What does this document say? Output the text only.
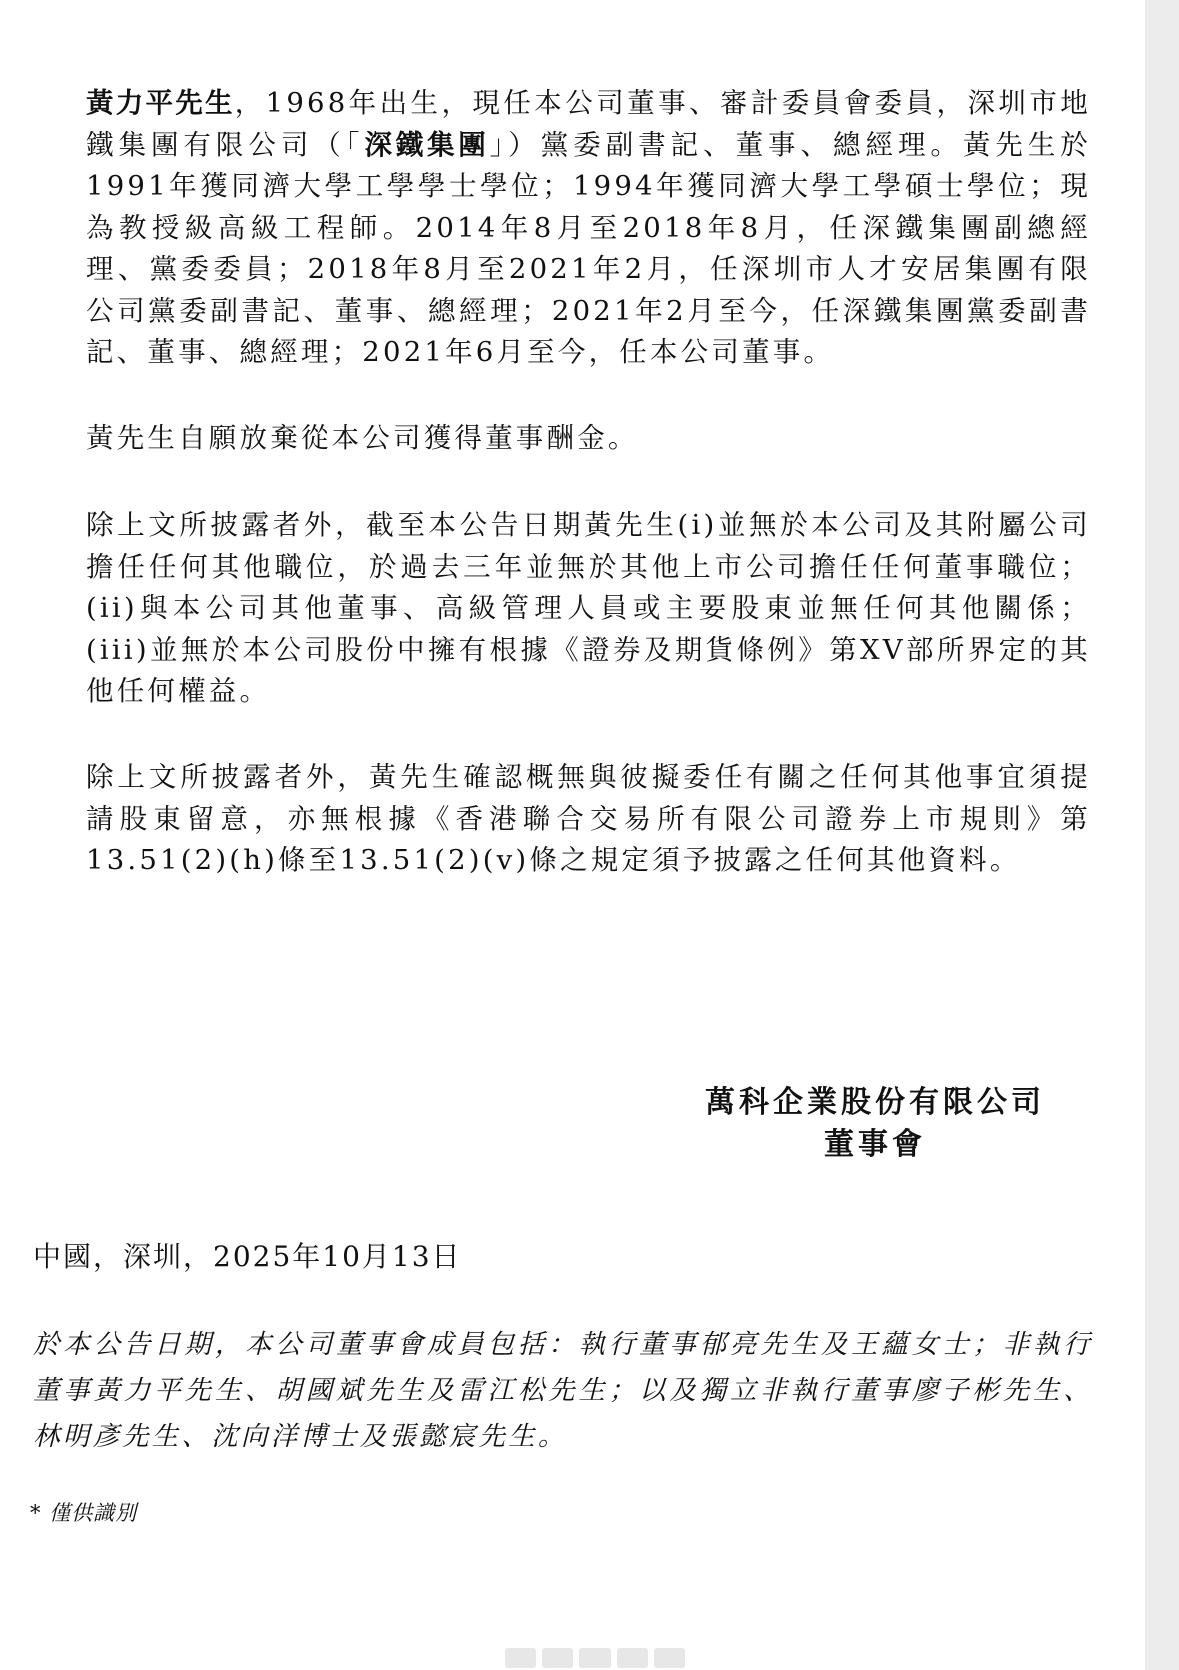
黃力平先生，1968年出生，現任本公司董事、審計委員會委員，深圳市地鐵集團有限公司（「深鐵集團」）黨委副書記、董事、總經理。黃先生於1991年獲同濟大學工學學士學位；1994年獲同濟大學工學碩士學位；現為教授級高級工程師。2014年8月至2018年8月，任深鐵集團副總經理、黨委委員；2018年8月至2021年2月，任深圳市人才安居集團有限公司黨委副書記、董事、總經理；2021年2月至今，任深鐵集團黨委副書記、董事、總經理；2021年6月至今，任本公司董事。

黃先生自願放棄從本公司獲得董事酬金。

除上文所披露者外，截至本公告日期黃先生(i)並無於本公司及其附屬公司擔任任何其他職位，於過去三年並無於其他上市公司擔任任何董事職位；(ii)與本公司其他董事、高級管理人員或主要股東並無任何其他關係；(iii)並無於本公司股份中擁有根據《證券及期貨條例》第XV部所界定的其他任何權益。

除上文所披露者外，黃先生確認概無與彼擬委任有關之任何其他事宜須提請股東留意，亦無根據《香港聯合交易所有限公司證券上市規則》第13.51(2)(h)條至13.51(2)(v)條之規定須予披露之任何其他資料。

萬科企業股份有限公司
董事會

中國，深圳，2025年10月13日

於本公告日期，本公司董事會成員包括：執行董事郁亮先生及王蘊女士；非執行董事黃力平先生、胡國斌先生及雷江松先生；以及獨立非執行董事廖子彬先生、林明彥先生、沈向洋博士及張懿宸先生。

* 僅供識別
